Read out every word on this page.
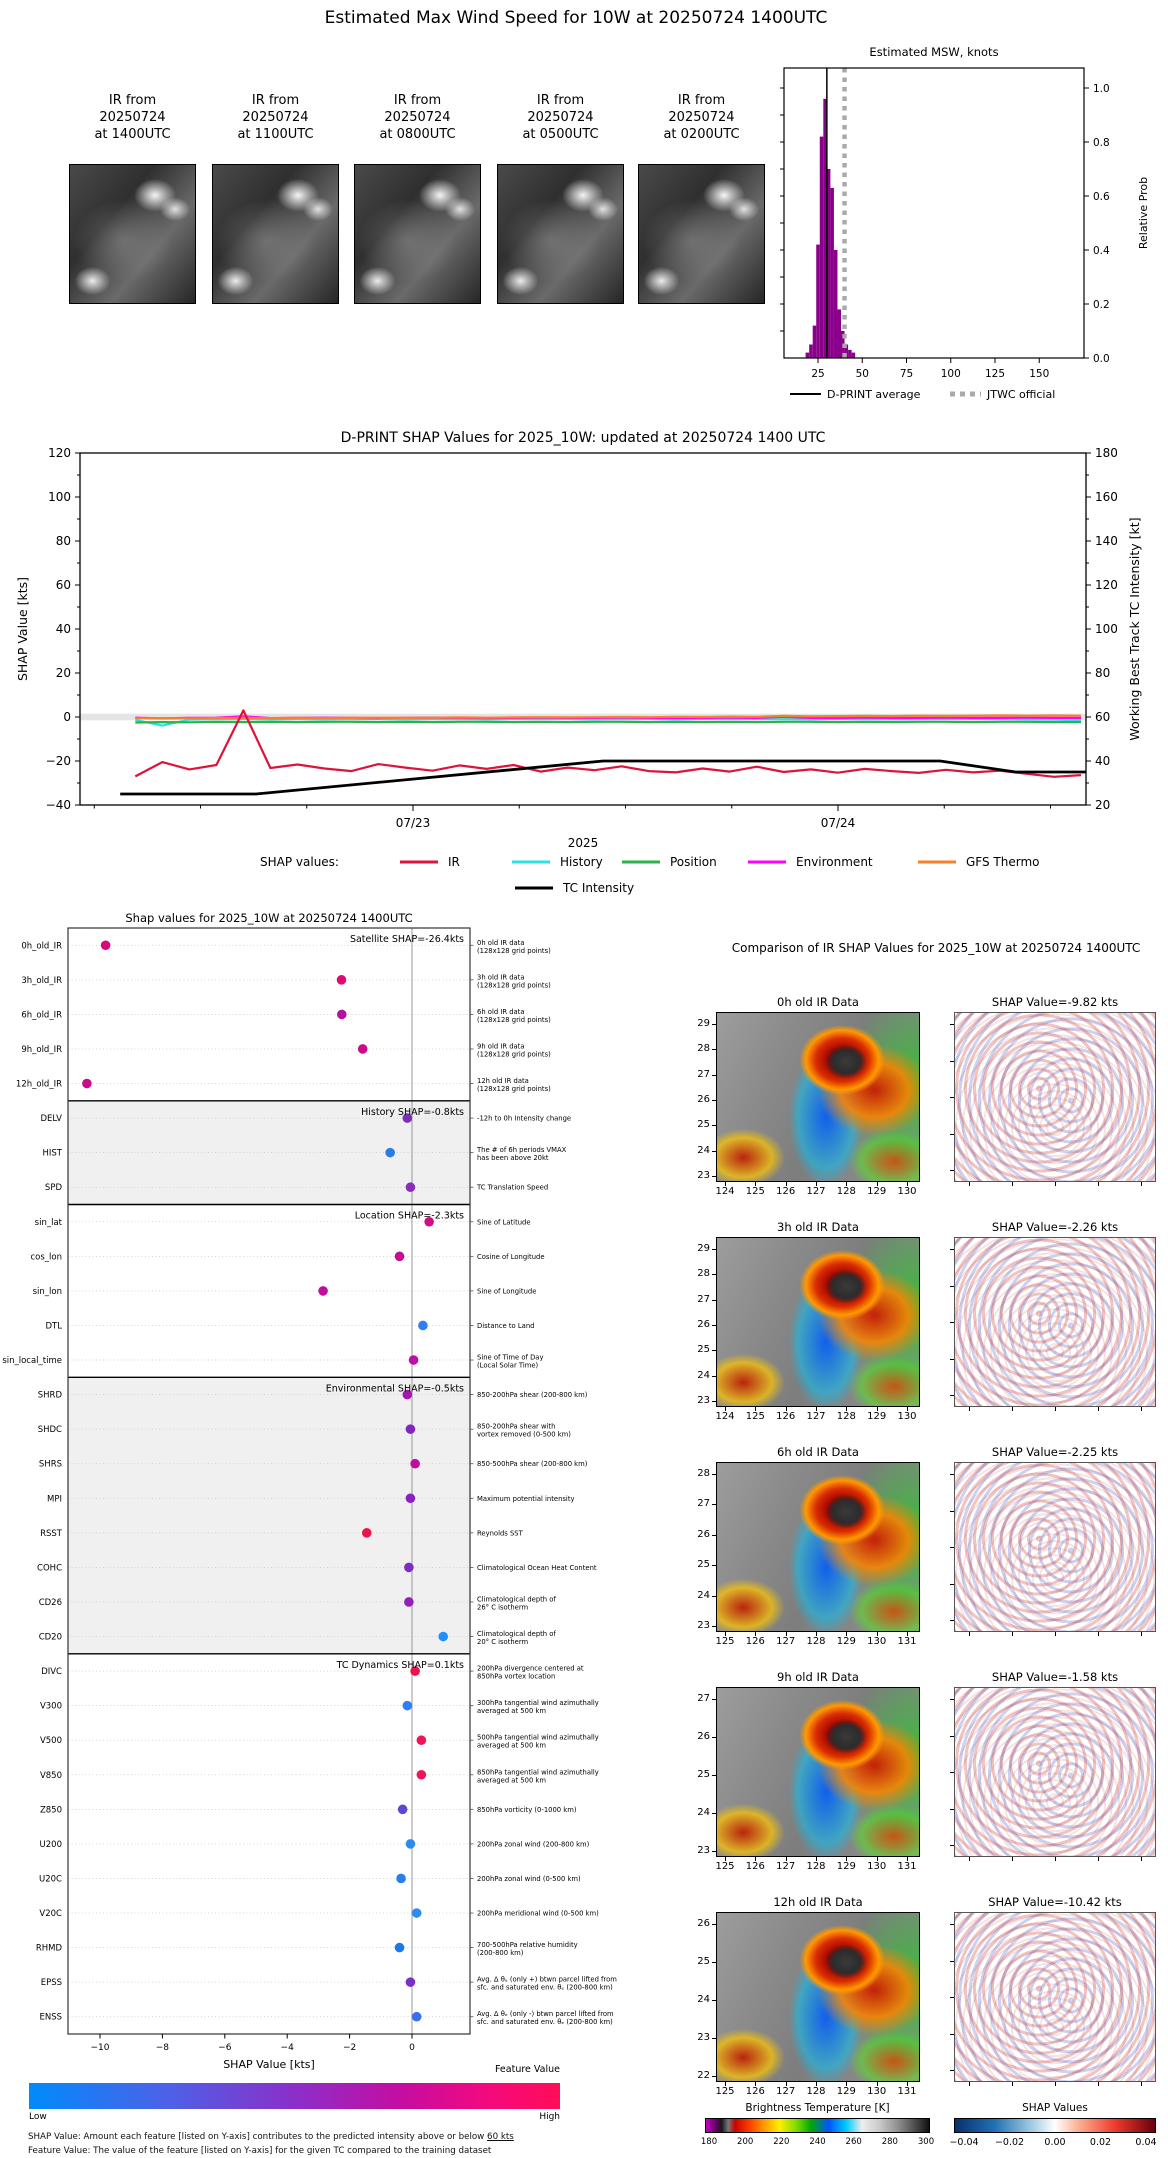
Estimated Max Wind Speed for 10W at 20250724 1400UTC
IR from
20250724
at 1400UTC
IR from
20250724
at 1100UTC
IR from
20250724
at 0800UTC
IR from
20250724
at 0500UTC
IR from
20250724
at 0200UTC
Estimated MSW, knots
0.0
0.2
0.4
0.6
0.8
1.0
Relative Prob
25	50	75	100 125 150
D-PRINT average	JTWC official
D-PRINT SHAP Values for 2025_10W: updated at 20250724 1400 UTC
−40	20
−20	40
0	60
20	80
40	100
60	120
80	140
100	160
120	180
07/23	07/24
2025
SHAP Value [kts]	Working Best Track TC Intensity [kt]
SHAP values:	IR	History	Position	Environment	GFS Thermo
TC Intensity
Shap values for 2025_10W at 20250724 1400UTC
0h_old_IR	0h old IR data
(128x128 grid points)
3h_old_IR	3h old IR data
(128x128 grid points)
6h_old_IR	6h old IR data
(128x128 grid points)
9h_old_IR	9h old IR data
(128x128 grid points)
12h_old_IR	12h old IR data
(128x128 grid points)
DELV	-12h to 0h Intensity change
HIST	The # of 6h periods VMAX
has been above 20kt
SPD	TC Translation Speed
sin_lat	Sine of Latitude
cos_lon	Cosine of Longitude
sin_lon	Sine of Longitude
DTL	Distance to Land
sin_local_time	Sine of Time of Day
(Local Solar Time)
SHRD	850-200hPa shear (200-800 km)
SHDC	850-200hPa shear with
vortex removed (0-500 km)
SHRS	850-500hPa shear (200-800 km)
MPI	Maximum potential intensity
RSST	Reynolds SST
COHC	Climatological Ocean Heat Content
CD26	Climatological depth of
26° C isotherm
CD20	Climatological depth of
20° C isotherm
DIVC	200hPa divergence centered at
850hPa vortex location
V300	300hPa tangential wind azimuthally
averaged at 500 km
V500	500hPa tangential wind azimuthally
averaged at 500 km
V850	850hPa tangential wind azimuthally
averaged at 500 km
Z850	850hPa vorticity (0-1000 km)
U200	200hPa zonal wind (200-800 km)
U20C	200hPa zonal wind (0-500 km)
V20C	200hPa meridional wind (0-500 km)
RHMD	700-500hPa relative humidity
(200-800 km)
EPSS	Avg. Δ θₑ (only +) btwn parcel lifted from
sfc. and saturated env. θₑ (200-800 km)
ENSS	Avg. Δ θₑ (only -) btwn parcel lifted from
sfc. and saturated env. θₑ (200-800 km)
Satellite SHAP=-26.4kts
History SHAP=-0.8kts
Location SHAP=-2.3kts
Environmental SHAP=-0.5kts
TC Dynamics SHAP=0.1kts
−10	−8	−6	−4	−2	0
SHAP Value [kts]	Feature Value
Low	High
SHAP Value: Amount each feature [listed on Y-axis] contributes to the predicted intensity above or below 60 kts
Feature Value: The value of the feature [listed on Y-axis] for the given TC compared to the training dataset
Comparison of IR SHAP Values for 2025_10W at 20250724 1400UTC
0h old IR Data	SHAP Value=-9.82 kts
29
28
27
26
25
24
23
124	125	126	127	128	129	130
3h old IR Data	SHAP Value=-2.26 kts
29
28
27
26
25
24
23
124	125	126	127	128	129	130
6h old IR Data	SHAP Value=-2.25 kts
28
27
26
25
24
23
125	126	127	128	129	130	131
9h old IR Data	SHAP Value=-1.58 kts
27
26
25
24
23
125	126	127	128	129	130	131
12h old IR Data	SHAP Value=-10.42 kts
26
25
24
23
22
125	126	127	128	129	130	131
Brightness Temperature [K]
180	200	220	240	260	280	300
SHAP Values
−0.04	−0.02	0.00	0.02	0.04
